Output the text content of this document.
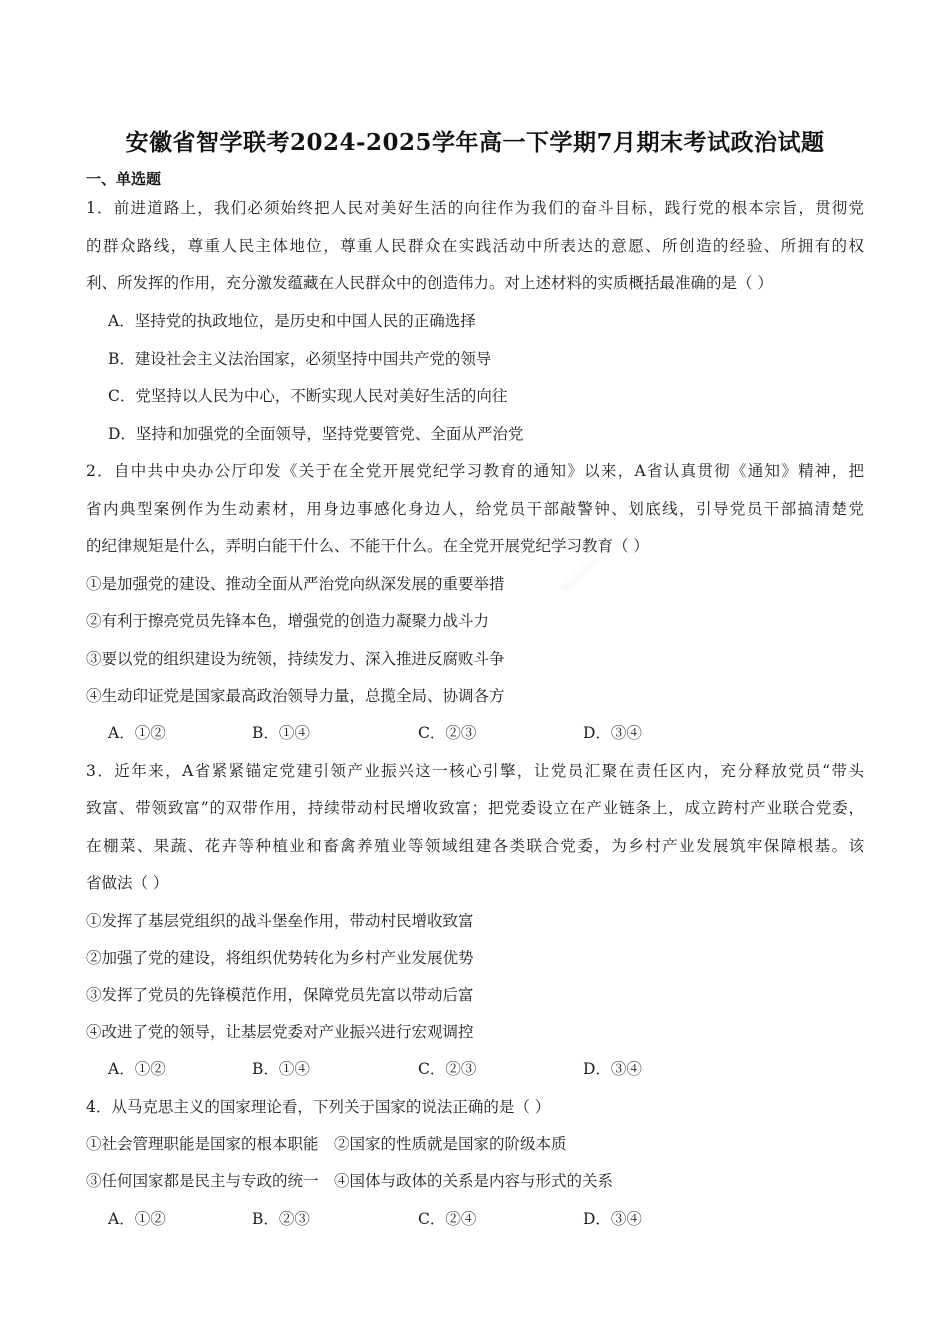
安徽省智学联考2024-2025学年高一下学期7月期末考试政治试题
一、单选题
1．前进道路上，我们必须始终把人民对美好生活的向往作为我们的奋斗目标，践行党的根本宗旨，贯彻党
的群众路线，尊重人民主体地位，尊重人民群众在实践活动中所表达的意愿、所创造的经验、所拥有的权
利、所发挥的作用，充分激发蕴藏在人民群众中的创造伟力。对上述材料的实质概括最准确的是（ ）
A．坚持党的执政地位，是历史和中国人民的正确选择
B．建设社会主义法治国家，必须坚持中国共产党的领导
C．党坚持以人民为中心，不断实现人民对美好生活的向往
D．坚持和加强党的全面领导，坚持党要管党、全面从严治党
2．自中共中央办公厅印发《关于在全党开展党纪学习教育的通知》以来，A省认真贯彻《通知》精神，把
省内典型案例作为生动素材，用身边事感化身边人，给党员干部敲警钟、划底线，引导党员干部搞清楚党
的纪律规矩是什么，弄明白能干什么、不能干什么。在全党开展党纪学习教育（ ）
①是加强党的建设、推动全面从严治党向纵深发展的重要举措
②有利于擦亮党员先锋本色，增强党的创造力凝聚力战斗力
③要以党的组织建设为统领，持续发力、深入推进反腐败斗争
④生动印证党是国家最高政治领导力量，总揽全局、协调各方
A．①②	B．①④	C．②③	D．③④
3．近年来，A省紧紧锚定党建引领产业振兴这一核心引擎，让党员汇聚在责任区内，充分释放党员“带头
致富、带领致富”的双带作用，持续带动村民增收致富；把党委设立在产业链条上，成立跨村产业联合党委，
在棚菜、果蔬、花卉等种植业和畜禽养殖业等领域组建各类联合党委，为乡村产业发展筑牢保障根基。该
省做法（ ）
①发挥了基层党组织的战斗堡垒作用，带动村民增收致富
②加强了党的建设，将组织优势转化为乡村产业发展优势
③发挥了党员的先锋模范作用，保障党员先富以带动后富
④改进了党的领导，让基层党委对产业振兴进行宏观调控
A．①②	B．①④	C．②③	D．③④
4．从马克思主义的国家理论看，下列关于国家的说法正确的是（ ）
①社会管理职能是国家的根本职能　②国家的性质就是国家的阶级本质
③任何国家都是民主与专政的统一　④国体与政体的关系是内容与形式的关系
A．①②	B．②③	C．②④	D．③④
